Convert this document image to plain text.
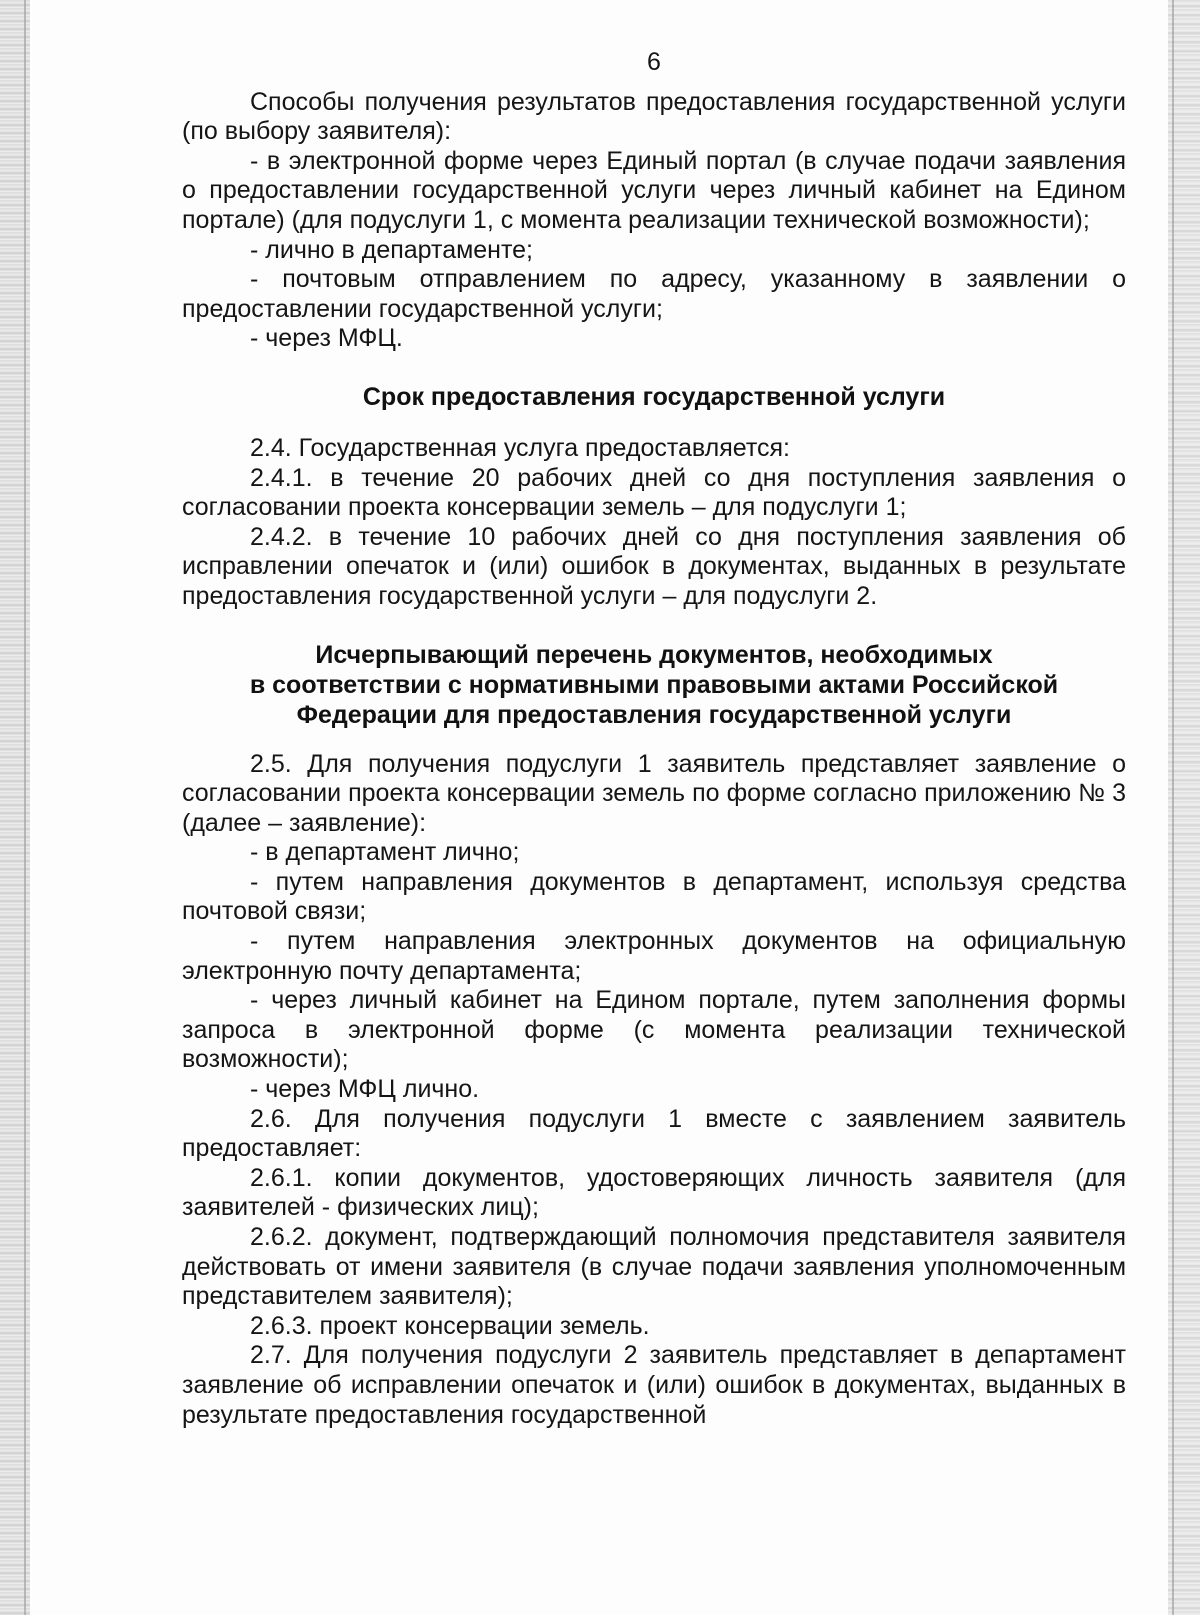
6

Способы получения результатов предоставления государственной услуги (по выбору заявителя):

- в электронной форме через Единый портал (в случае подачи заявления о предоставлении государственной услуги через личный кабинет на Едином портале) (для подуслуги 1, с момента реализации технической возможности);

- лично в департаменте;

- почтовым отправлением по адресу, указанному в заявлении о предоставлении государственной услуги;

- через МФЦ.

Срок предоставления государственной услуги

2.4. Государственная услуга предоставляется:

2.4.1. в течение 20 рабочих дней со дня поступления заявления о согласовании проекта консервации земель – для подуслуги 1;

2.4.2. в течение 10 рабочих дней со дня поступления заявления об исправлении опечаток и (или) ошибок в документах, выданных в результате предоставления государственной услуги – для подуслуги 2.

Исчерпывающий перечень документов, необходимых
в соответствии с нормативными правовыми актами Российской
Федерации для предоставления государственной услуги

2.5. Для получения подуслуги 1 заявитель представляет заявление о согласовании проекта консервации земель по форме согласно приложению № 3 (далее – заявление):

- в департамент лично;

- путем направления документов в департамент, используя средства почтовой связи;

- путем направления электронных документов на официальную электронную почту департамента;

- через личный кабинет на Едином портале, путем заполнения формы запроса в электронной форме (с момента реализации технической возможности);

- через МФЦ лично.

2.6. Для получения подуслуги 1 вместе с заявлением заявитель предоставляет:

2.6.1. копии документов, удостоверяющих личность заявителя (для заявителей - физических лиц);

2.6.2. документ, подтверждающий полномочия представителя заявителя действовать от имени заявителя (в случае подачи заявления уполномоченным представителем заявителя);

2.6.3. проект консервации земель.

2.7. Для получения подуслуги 2 заявитель представляет в департамент заявление об исправлении опечаток и (или) ошибок в документах, выданных в результате предоставления государственной
